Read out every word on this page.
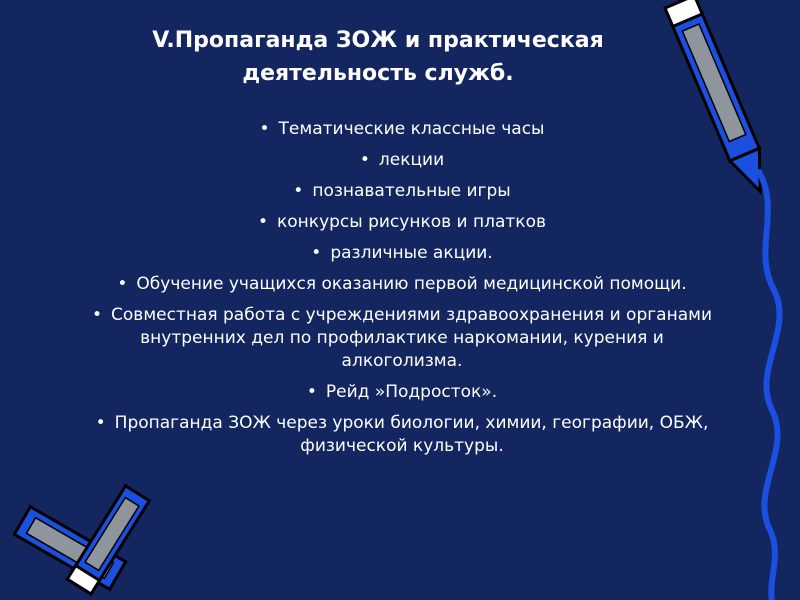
V.Пропаганда ЗОЖ и практическая деятельность служб.
• Тематические классные часы
• лекции
• познавательные игры
• конкурсы рисунков и платков
• различные акции.
• Обучение учащихся оказанию первой медицинской помощи.
• Совместная работа с учреждениями здравоохранения и органами внутренних дел по профилактике наркомании, курения и алкоголизма.
• Рейд »Подросток».
• Пропаганда ЗОЖ через уроки биологии, химии, географии, ОБЖ, физической культуры.
